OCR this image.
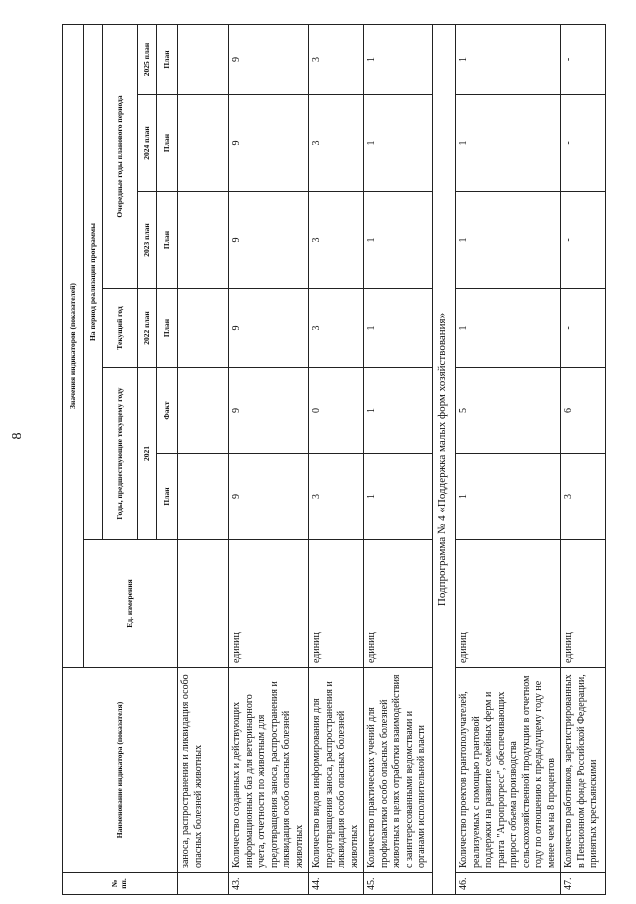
8
№ пп.	Наименование индикатора (показателя)	Значения индикаторов (показателей)						
		Ед. измерения	На период реализации программы					
			Годы, предшествующие текущему году		Текущий год	Очередные годы планового периода		
			2021		2022 план	2023 план	2024 план	2025 план
			План	Факт	План	План	План	План
	заноса, распространения и ликвидация особо опасных болезней животных							
43.	Количество созданных и действующих информационных баз для ветеринарного учета, отчетности по животным для предотвращения заноса, распространения и ликвидация особо опасных болезней животных	единиц	9	9	9	9	9	9
44.	Количество видов информирования для предотвращения заноса, распространения и ликвидация особо опасных болезней животных	единиц	3	0	3	3	3	3
45.	Количество практических учений для профилактики особо опасных болезней животных в целях отработки взаимодействия с заинтересованными ведомствами и органами исполнительной власти	единиц	1	1	1	1	1	1
Подпрограмма № 4 «Поддержка малых форм хозяйствования»								
46.	Количество проектов грантополучателей, реализуемых с помощью грантовой поддержки на развитие семейных ферм и гранта "Агропрогресс", обеспечивающих прирост объема производства сельскохозяйственной продукции в отчетном году по отношению к предыдущему году не менее чем на 8 процентов	единиц	1	5	1	1	1	1
47.	Количество работников, зарегистрированных в Пенсионном фонде Российской Федерации, принятых крестьянскими	единиц	3	6	-	-	-	-
